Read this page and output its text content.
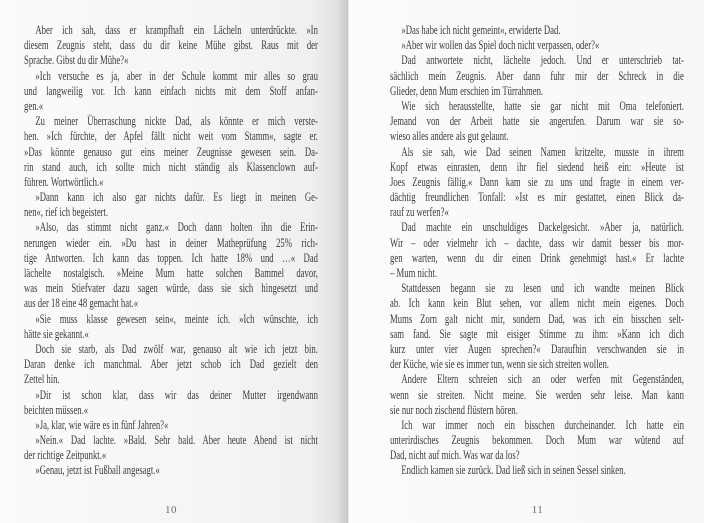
Aber ich sah, dass er krampfhaft ein Lächeln unterdrückte. »In
diesem Zeugnis steht, dass du dir keine Mühe gibst. Raus mit der
Sprache. Gibst du dir Mühe?«
»Ich versuche es ja, aber in der Schule kommt mir alles so grau
und langweilig vor. Ich kann einfach nichts mit dem Stoff anfan-
gen.«
Zu meiner Überraschung nickte Dad, als könnte er mich verste-
hen. »Ich fürchte, der Apfel fällt nicht weit vom Stamm«, sagte er.
»Das könnte genauso gut eins meiner Zeugnisse gewesen sein. Da-
rin stand auch, ich sollte mich nicht ständig als Klassenclown auf-
führen. Wortwörtlich.«
»Dann kann ich also gar nichts dafür. Es liegt in meinen Ge-
nen«, rief ich begeistert.
»Also, das stimmt nicht ganz.« Doch dann holten ihn die Erin-
nerungen wieder ein. »Du hast in deiner Matheprüfung 25% rich-
tige Antworten. Ich kann das toppen. Ich hatte 18% und …« Dad
lächelte nostalgisch. »Meine Mum hatte solchen Bammel davor,
was mein Stiefvater dazu sagen würde, dass sie sich hingesetzt und
aus der 18 eine 48 gemacht hat.«
»Sie muss klasse gewesen sein«, meinte ich. »Ich wünschte, ich
hätte sie gekannt.«
Doch sie starb, als Dad zwölf war, genauso alt wie ich jetzt bin.
Daran denke ich manchmal. Aber jetzt schob ich Dad gezielt den
Zettel hin.
»Dir ist schon klar, dass wir das deiner Mutter irgendwann
beichten müssen.«
»Ja, klar, wie wäre es in fünf Jahren?«
»Nein.« Dad lachte. »Bald. Sehr bald. Aber heute Abend ist nicht
der richtige Zeitpunkt.«
»Genau, jetzt ist Fußball angesagt.«
»Das habe ich nicht gemeint«, erwiderte Dad.
»Aber wir wollen das Spiel doch nicht verpassen, oder?«
Dad antwortete nicht, lächelte jedoch. Und er unterschrieb tat-
sächlich mein Zeugnis. Aber dann fuhr mir der Schreck in die
Glieder, denn Mum erschien im Türrahmen.
Wie sich herausstellte, hatte sie gar nicht mit Oma telefoniert.
Jemand von der Arbeit hatte sie angerufen. Darum war sie so-
wieso alles andere als gut gelaunt.
Als sie sah, wie Dad seinen Namen kritzelte, musste in ihrem
Kopf etwas einrasten, denn ihr fiel siedend heiß ein: »Heute ist
Joes Zeugnis fällig.« Dann kam sie zu uns und fragte in einem ver-
dächtig freundlichen Tonfall: »Ist es mir gestattet, einen Blick da-
rauf zu werfen?«
Dad machte ein unschuldiges Dackelgesicht. »Aber ja, natürlich.
Wir – oder vielmehr ich – dachte, dass wir damit besser bis mor-
gen warten, wenn du dir einen Drink genehmigt hast.« Er lachte
– Mum nicht.
Stattdessen begann sie zu lesen und ich wandte meinen Blick
ab. Ich kann kein Blut sehen, vor allem nicht mein eigenes. Doch
Mums Zorn galt nicht mir, sondern Dad, was ich ein bisschen selt-
sam fand. Sie sagte mit eisiger Stimme zu ihm: »Kann ich dich
kurz unter vier Augen sprechen?« Daraufhin verschwanden sie in
der Küche, wie sie es immer tun, wenn sie sich streiten wollen.
Andere Eltern schreien sich an oder werfen mit Gegenständen,
wenn sie streiten. Nicht meine. Sie werden sehr leise. Man kann
sie nur noch zischend flüstern hören.
Ich war immer noch ein bisschen durcheinander. Ich hatte ein
unterirdisches Zeugnis bekommen. Doch Mum war wütend auf
Dad, nicht auf mich. Was war da los?
Endlich kamen sie zurück. Dad ließ sich in seinen Sessel sinken.
10	11
